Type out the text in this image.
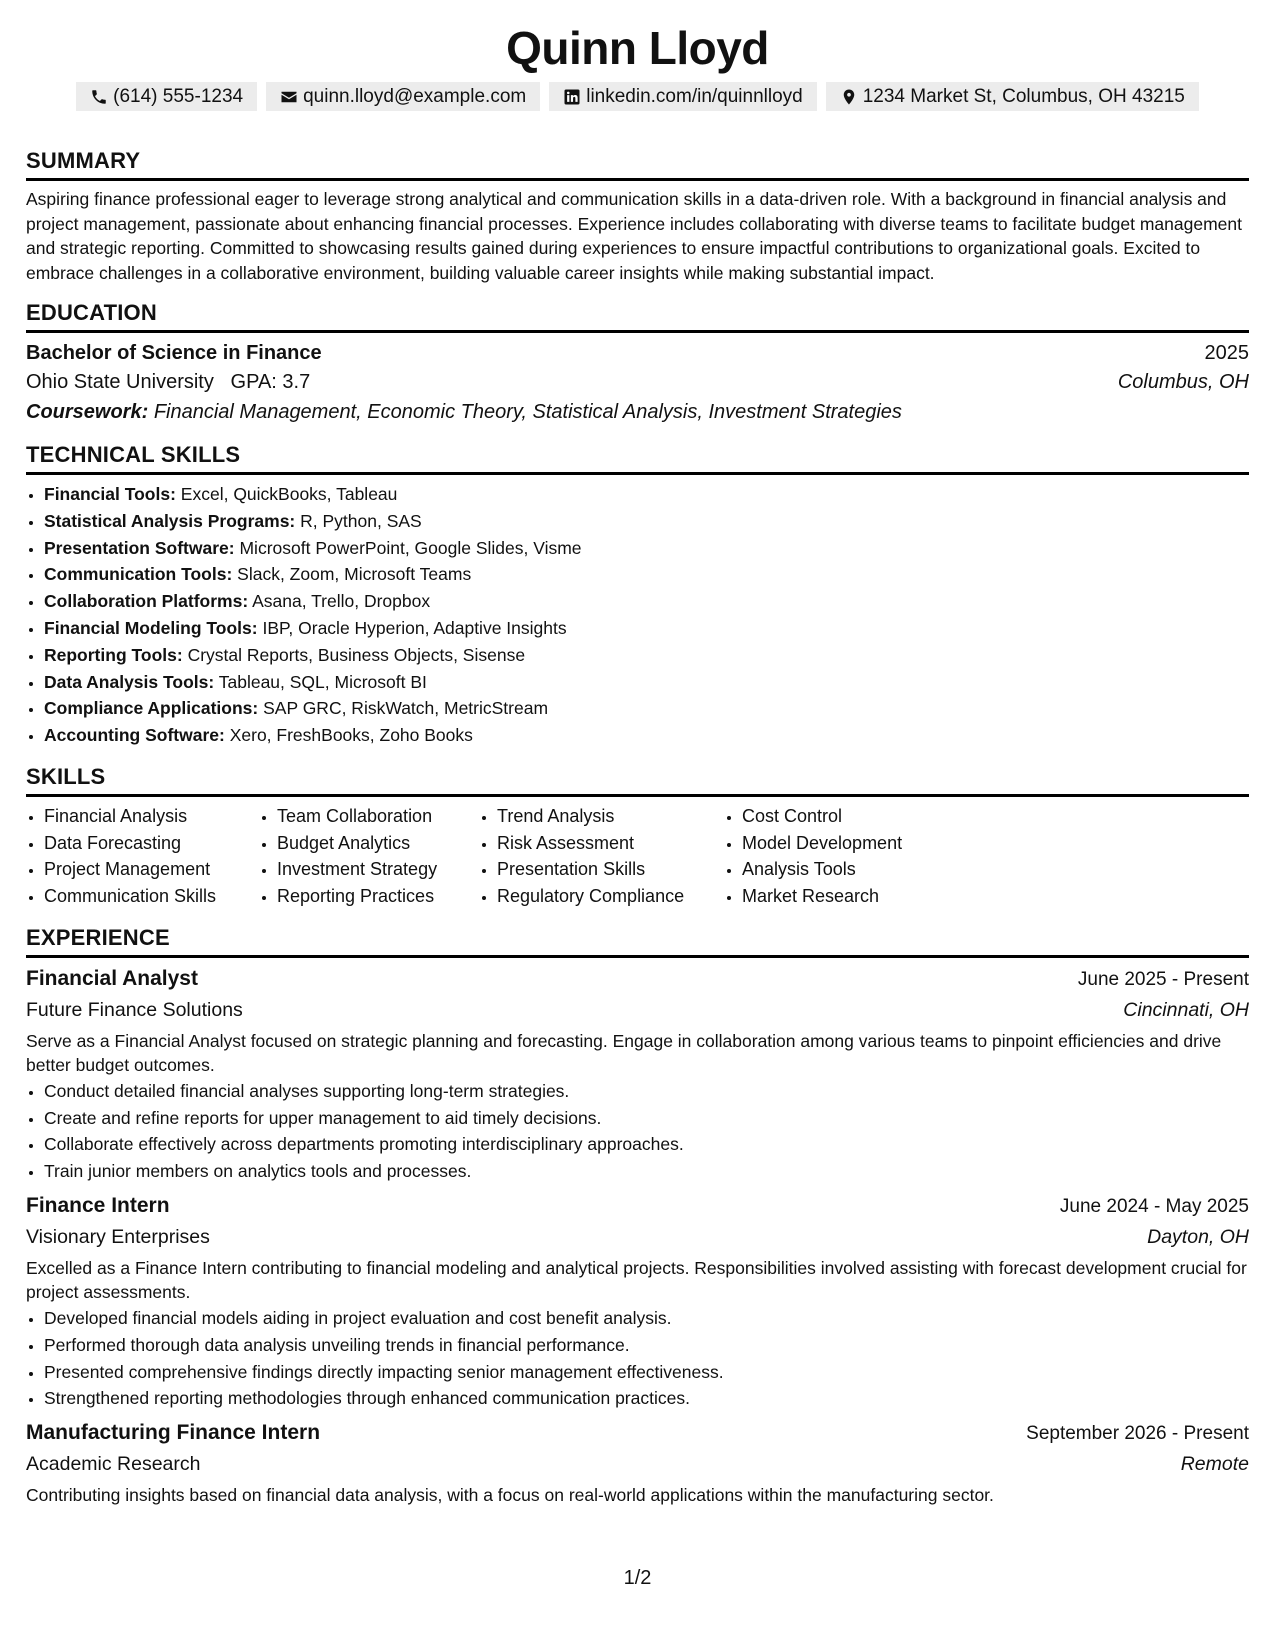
Quinn Lloyd
(614) 555-1234	quinn.lloyd@example.com	linkedin.com/in/quinnlloyd	1234 Market St, Columbus, OH 43215
SUMMARY

Aspiring finance professional eager to leverage strong analytical and communication skills in a data-driven role. With a background in financial analysis and project management, passionate about enhancing financial processes. Experience includes collaborating with diverse teams to facilitate budget management and strategic reporting. Committed to showcasing results gained during experiences to ensure impactful contributions to organizational goals. Excited to embrace challenges in a collaborative environment, building valuable career insights while making substantial impact.

EDUCATION
Bachelor of Science in Finance	2025
Ohio State University GPA: 3.7	Columbus, OH
Coursework: Financial Management, Economic Theory, Statistical Analysis, Investment Strategies
TECHNICAL SKILLS
• Financial Tools: Excel, QuickBooks, Tableau
• Statistical Analysis Programs: R, Python, SAS
• Presentation Software: Microsoft PowerPoint, Google Slides, Visme
• Communication Tools: Slack, Zoom, Microsoft Teams
• Collaboration Platforms: Asana, Trello, Dropbox
• Financial Modeling Tools: IBP, Oracle Hyperion, Adaptive Insights
• Reporting Tools: Crystal Reports, Business Objects, Sisense
• Data Analysis Tools: Tableau, SQL, Microsoft BI
• Compliance Applications: SAP GRC, RiskWatch, MetricStream
• Accounting Software: Xero, FreshBooks, Zoho Books
SKILLS
• Financial Analysis
• Data Forecasting
• Project Management
• Communication Skills
• Team Collaboration
• Budget Analytics
• Investment Strategy
• Reporting Practices
• Trend Analysis
• Risk Assessment
• Presentation Skills
• Regulatory Compliance
• Cost Control
• Model Development
• Analysis Tools
• Market Research
EXPERIENCE
Financial Analyst	June 2025 - Present
Future Finance Solutions	Cincinnati, OH
Serve as a Financial Analyst focused on strategic planning and forecasting. Engage in collaboration among various teams to pinpoint efficiencies and drive better budget outcomes.
• Conduct detailed financial analyses supporting long-term strategies.
• Create and refine reports for upper management to aid timely decisions.
• Collaborate effectively across departments promoting interdisciplinary approaches.
• Train junior members on analytics tools and processes.
Finance Intern	June 2024 - May 2025
Visionary Enterprises	Dayton, OH
Excelled as a Finance Intern contributing to financial modeling and analytical projects. Responsibilities involved assisting with forecast development crucial for project assessments.
• Developed financial models aiding in project evaluation and cost benefit analysis.
• Performed thorough data analysis unveiling trends in financial performance.
• Presented comprehensive findings directly impacting senior management effectiveness.
• Strengthened reporting methodologies through enhanced communication practices.
Manufacturing Finance Intern	September 2026 - Present
Academic Research	Remote
Contributing insights based on financial data analysis, with a focus on real-world applications within the manufacturing sector.
1/2
